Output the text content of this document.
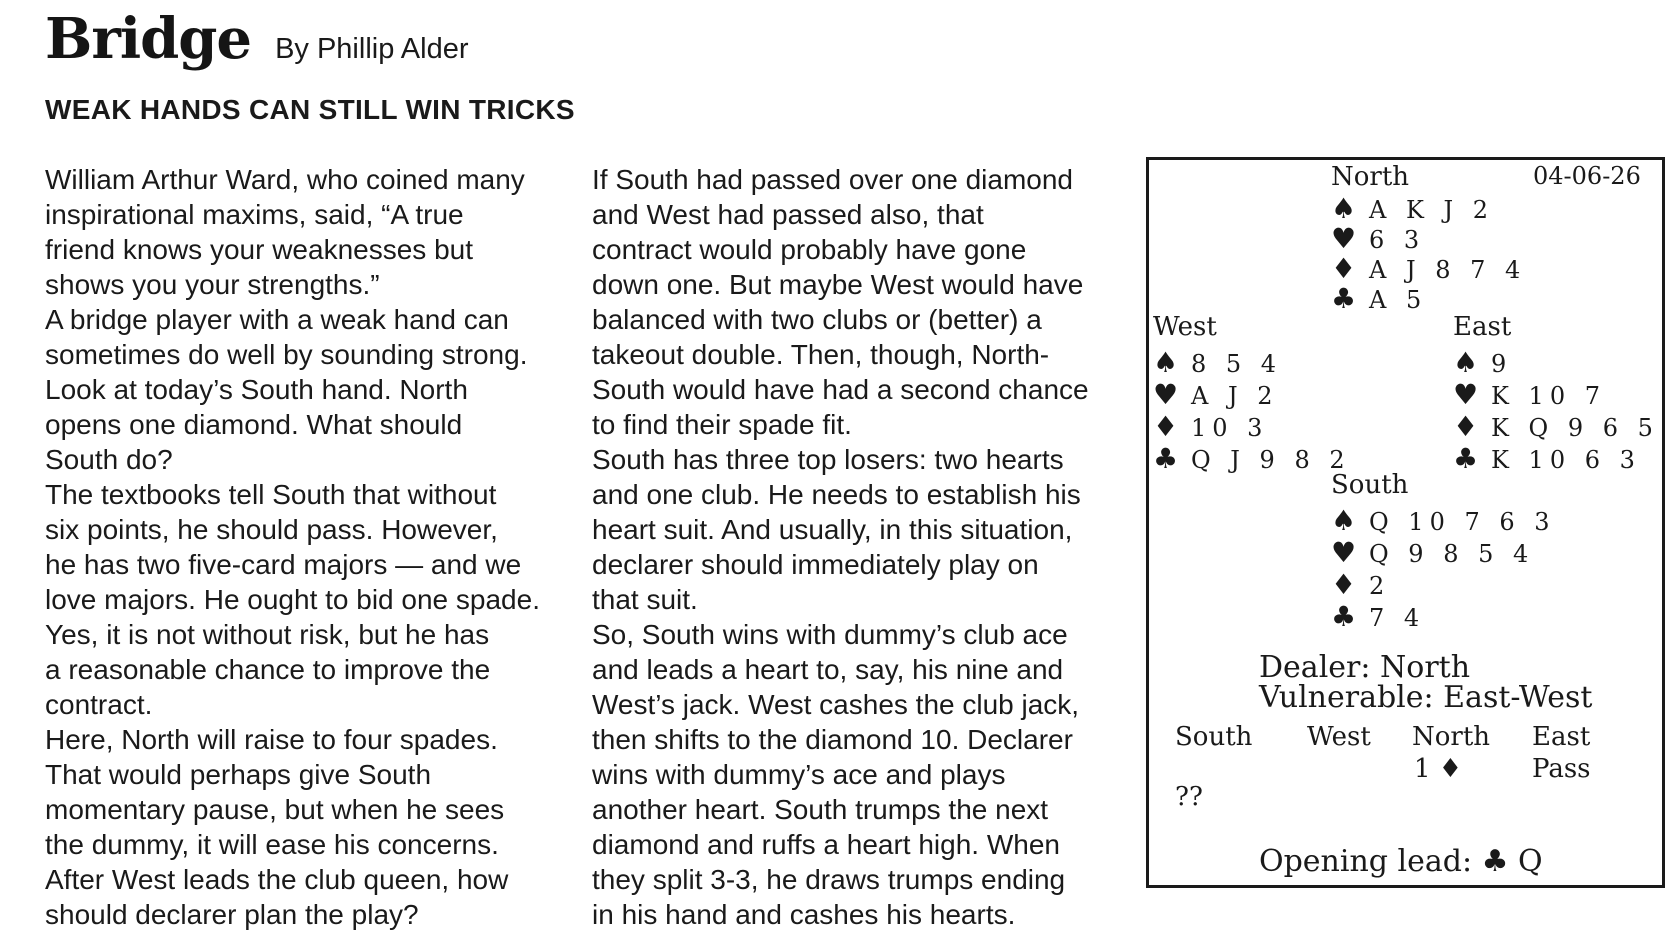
Bridge By Phillip Alder
WEAK HANDS CAN STILL WIN TRICKS
William Arthur Ward, who coined many
inspirational maxims, said, “A true
friend knows your weaknesses but
shows you your strengths.”
A bridge player with a weak hand can
sometimes do well by sounding strong.
Look at today’s South hand. North
opens one diamond. What should
South do?
The textbooks tell South that without
six points, he should pass. However,
he has two five-card majors — and we
love majors. He ought to bid one spade.
Yes, it is not without risk, but he has
a reasonable chance to improve the
contract.
Here, North will raise to four spades.
That would perhaps give South
momentary pause, but when he sees
the dummy, it will ease his concerns.
After West leads the club queen, how
should declarer plan the play?
If South had passed over one diamond
and West had passed also, that
contract would probably have gone
down one. But maybe West would have
balanced with two clubs or (better) a
takeout double. Then, though, North-
South would have had a second chance
to find their spade fit.
South has three top losers: two hearts
and one club. He needs to establish his
heart suit. And usually, in this situation,
declarer should immediately play on
that suit.
So, South wins with dummy’s club ace
and leads a heart to, say, his nine and
West’s jack. West cashes the club jack,
then shifts to the diamond 10. Declarer
wins with dummy’s ace and plays
another heart. South trumps the next
diamond and ruffs a heart high. When
they split 3-3, he draws trumps ending
in his hand and cashes his hearts.
North	04-06-26
♠ A K J 2
♥ 6 3
♦ A J 8 7 4
♣ A 5
West
♠ 8 5 4
♥ A J 2
♦ 10 3
♣ Q J 9 8 2
East
♠ 9
♥ K 10 7
♦ K Q 9 6 5
♣ K 10 6 3
South
♠ Q 10 7 6 3
♥ Q 9 8 5 4
♦ 2
♣ 7 4
Dealer: North
Vulnerable: East-West
South West North East
1 ♦	Pass
??
Opening lead: ♣ Q
